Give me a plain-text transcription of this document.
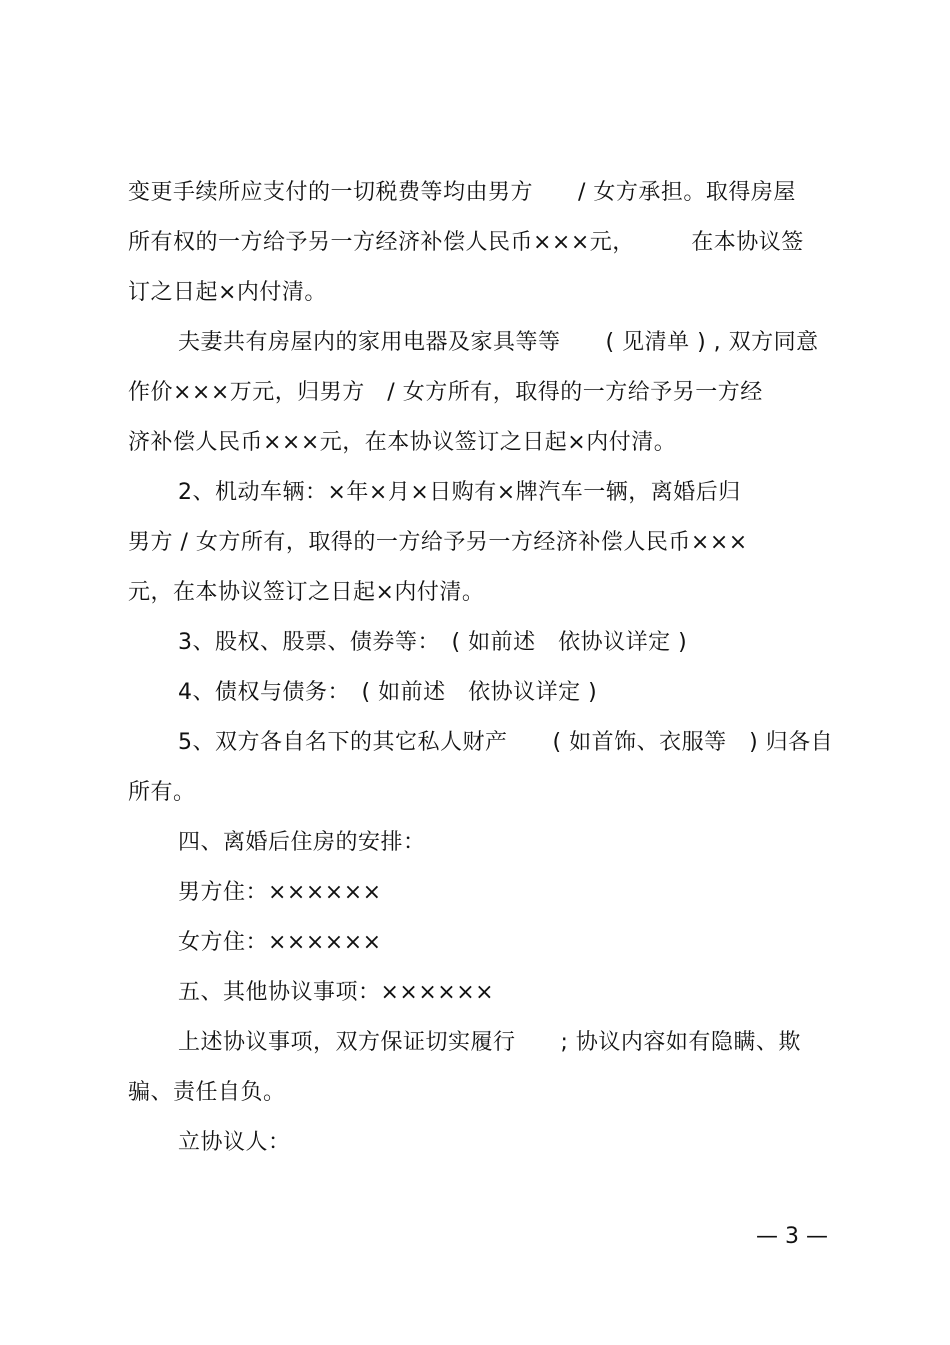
变更手续所应支付的一切税费等均由男方　　/ 女方承担。取得房屋
所有权的一方给予另一方经济补偿人民币×××元，　　　在本协议签
订之日起×内付清。
夫妻共有房屋内的家用电器及家具等等　　( 见清单 ) , 双方同意
作价×××万元，归男方　/ 女方所有，取得的一方给予另一方经
济补偿人民币×××元，在本协议签订之日起×内付清。
2、机动车辆：×年×月×日购有×牌汽车一辆，离婚后归
男方 / 女方所有，取得的一方给予另一方经济补偿人民币×××
元，在本协议签订之日起×内付清。
3、股权、股票、债券等：　( 如前述　依协议详定 )
4、债权与债务：　( 如前述　依协议详定 )
5、双方各自名下的其它私人财产　　( 如首饰、衣服等　) 归各自
所有。
四、离婚后住房的安排：
男方住：××××××
女方住：××××××
五、其他协议事项：××××××
上述协议事项，双方保证切实履行　　; 协议内容如有隐瞒、欺
骗、责任自负。
立协议人：
— 3 —
